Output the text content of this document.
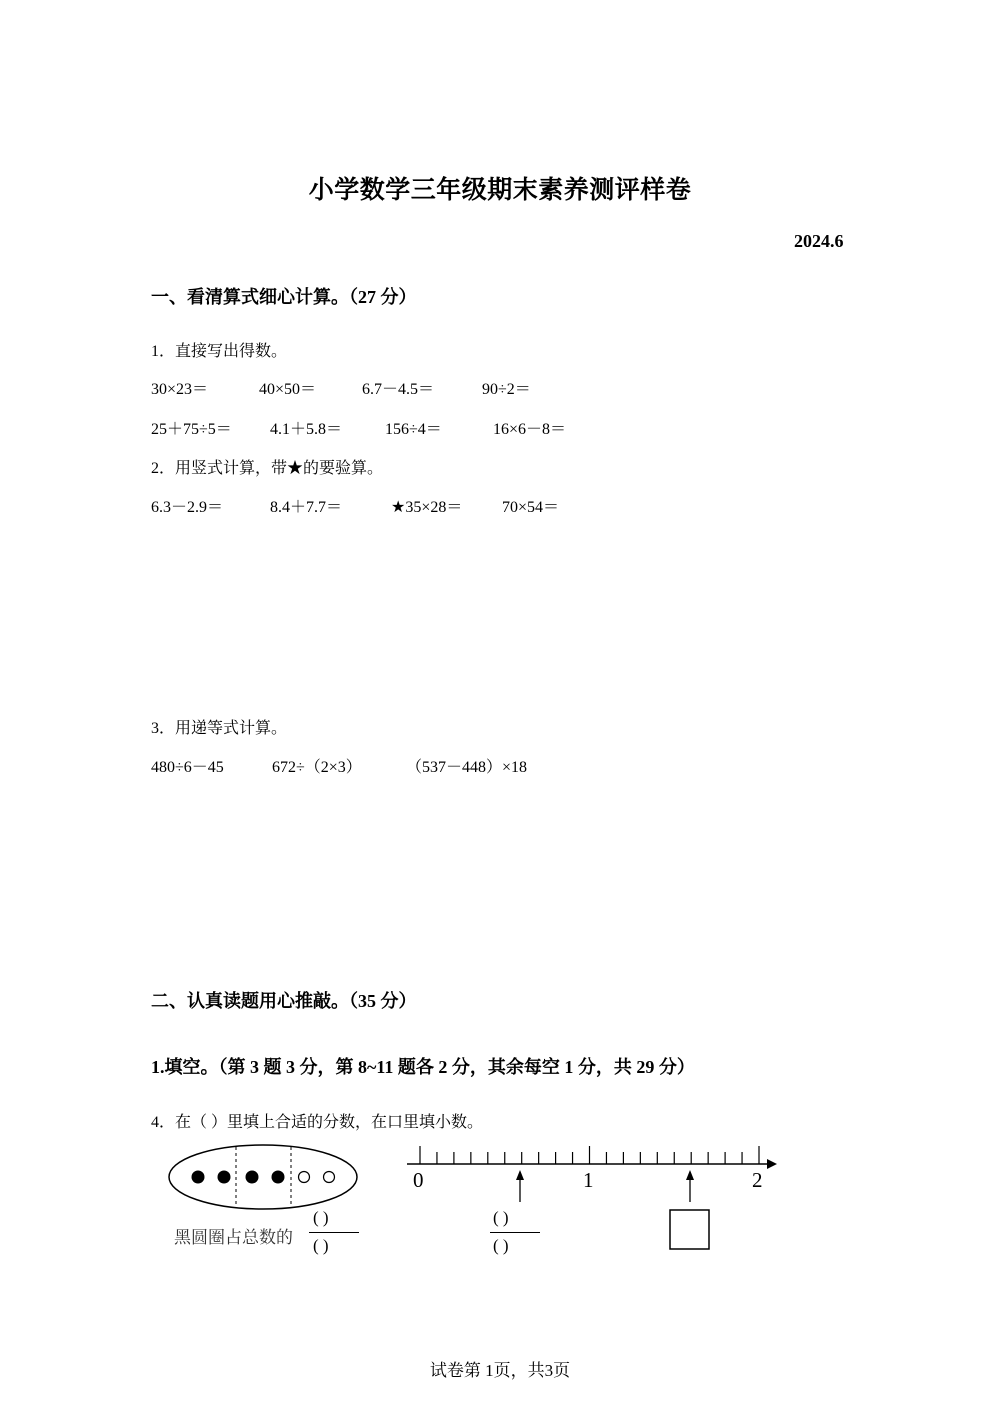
小学数学三年级期末素养测评样卷
2024.6
一、看清算式细心计算。（27 分）
1．直接写出得数。
30×23＝	40×50＝	6.7－4.5＝	90÷2＝
25＋75÷5＝ 4.1＋5.8＝	156÷4＝	16×6－8＝
2．用竖式计算，带★的要验算。
6.3－2.9＝	8.4＋7.7＝	★35×28＝ 70×54＝
3．用递等式计算。
480÷6－45	672÷（2×3）	（537－448）×18
二、认真读题用心推敲。（35 分）
1.填空。（第 3 题 3 分，第 8~11 题各 2 分，其余每空 1 分，共 29 分）
4．在（ ）里填上合适的分数，在口里填小数。
黑圆圈占总数的
( )
( )
0	1	2
( )
( )
试卷第 1页，共3页
